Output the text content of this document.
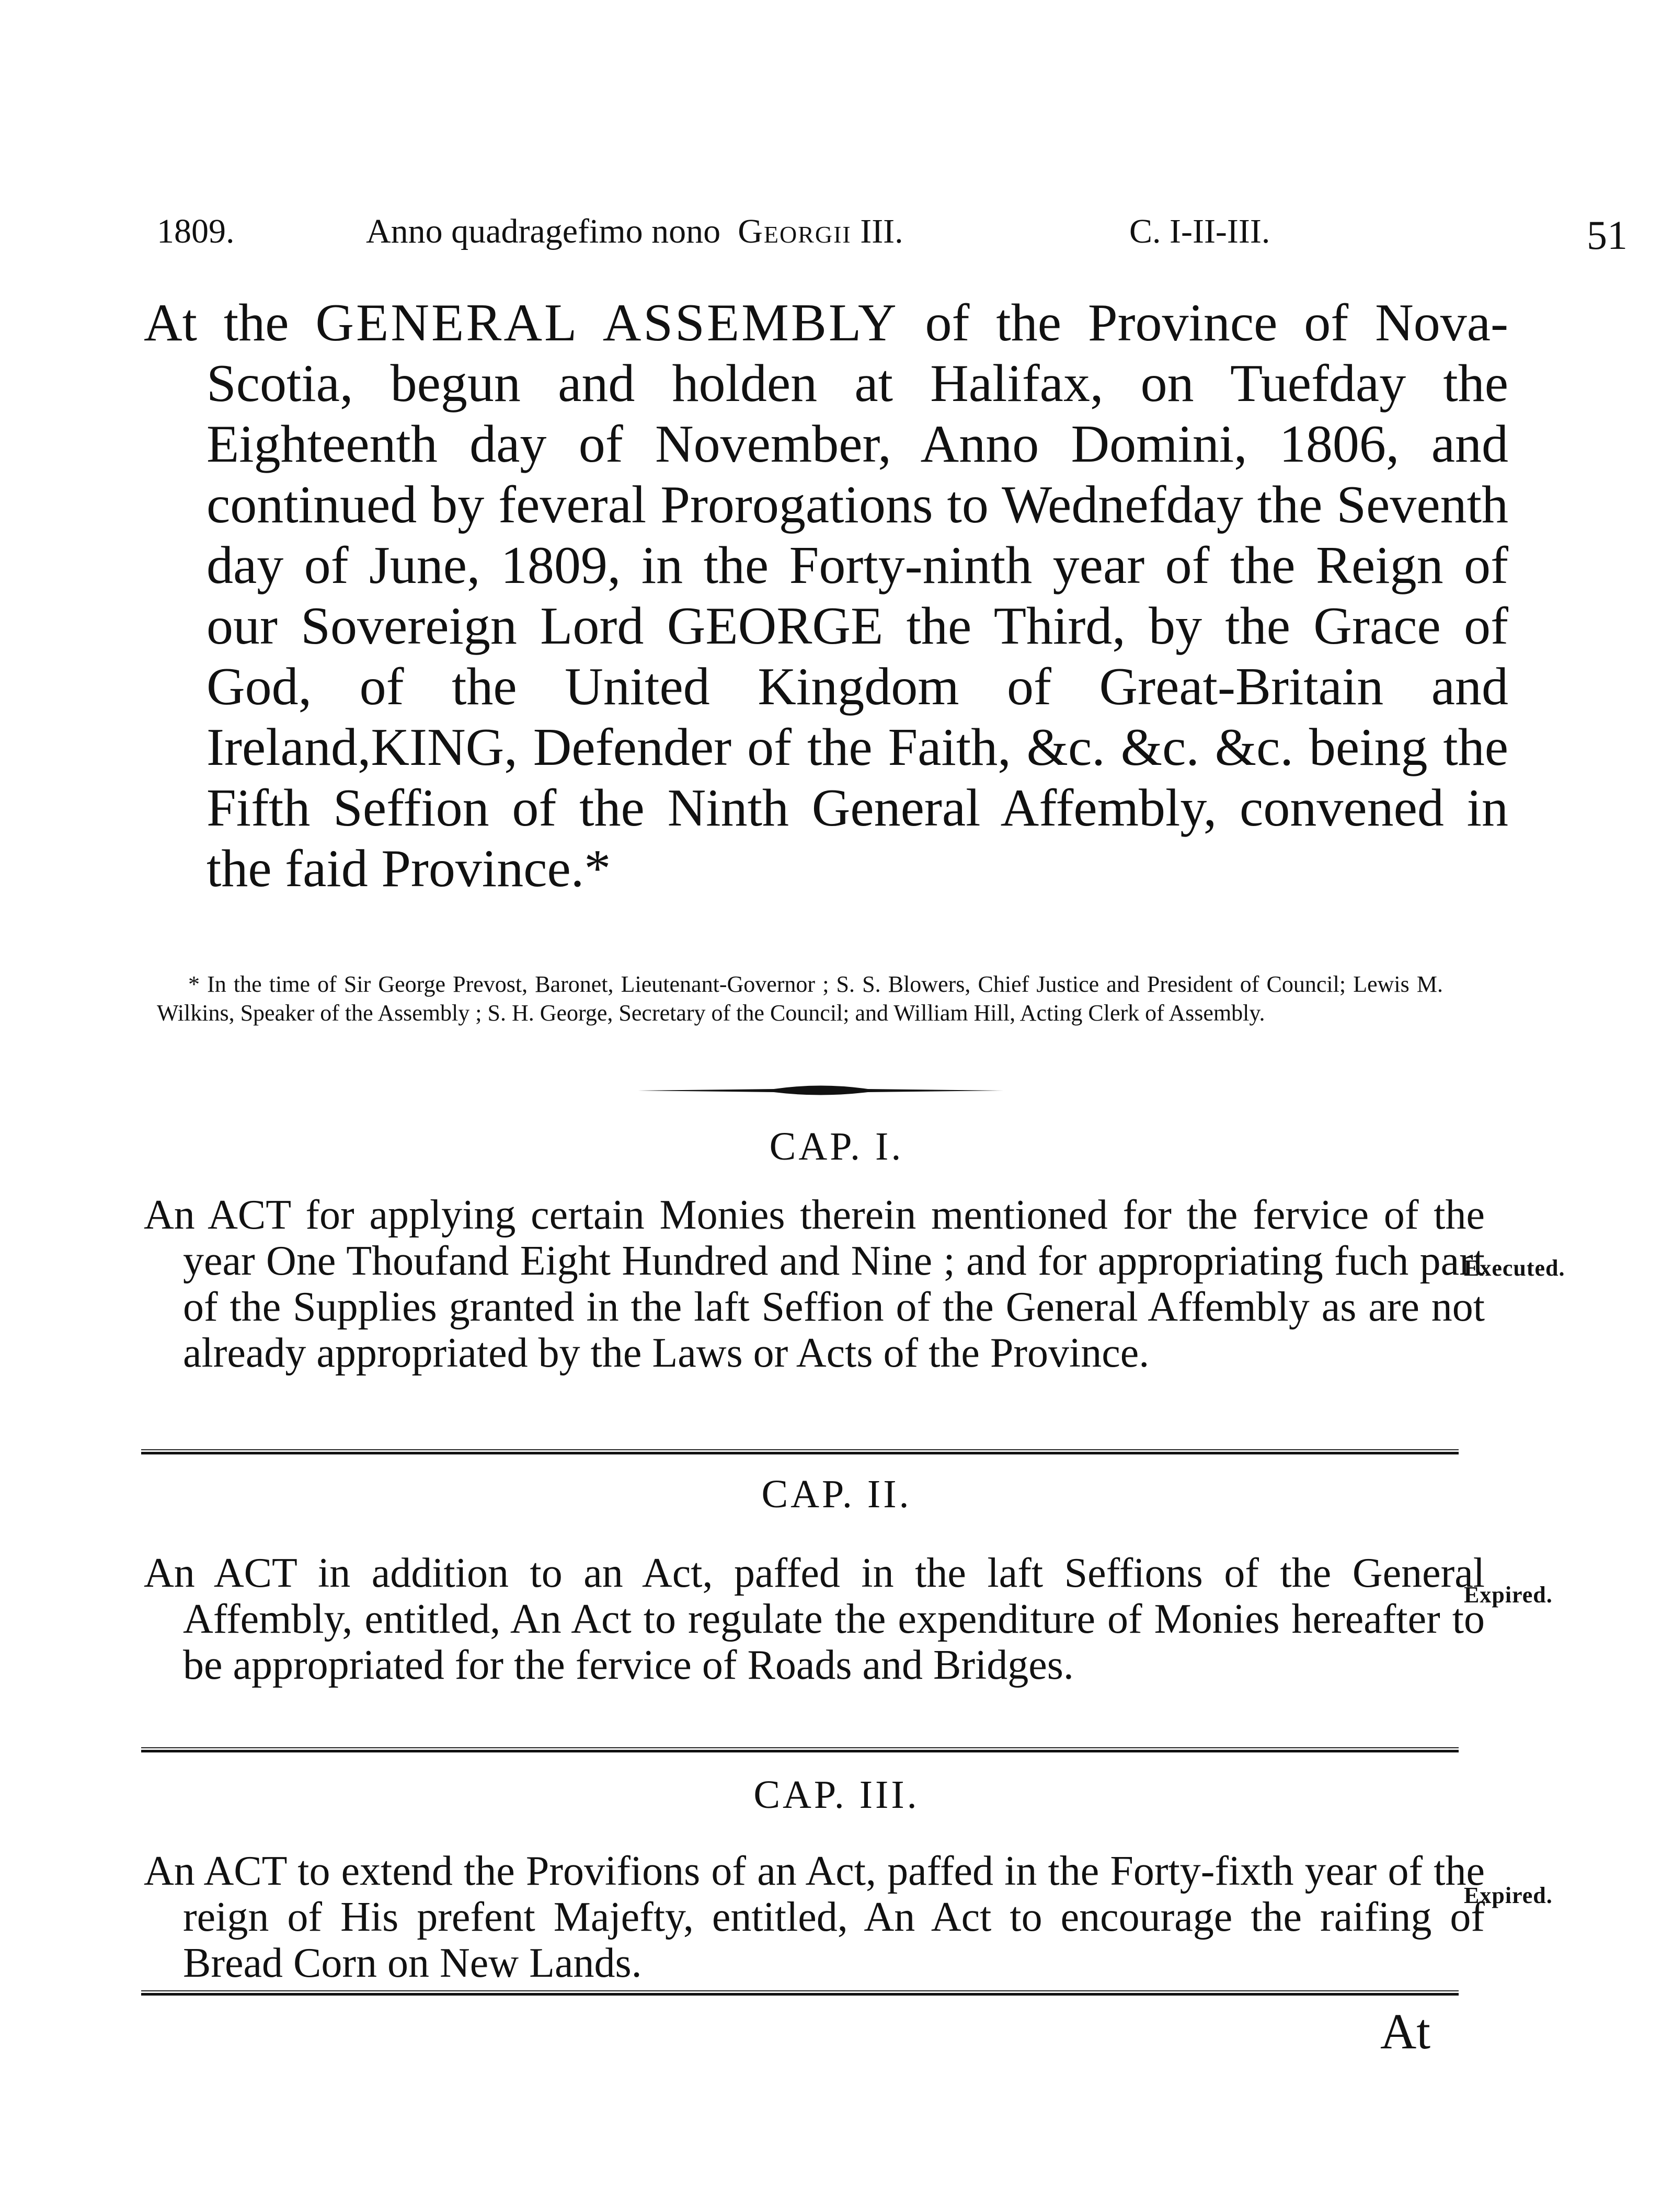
1809.	Anno quadragefimo nono Georgii III.	C. I-II-III.	51

At the GENERAL ASSEMBLY of the Province of Nova-Scotia, begun and holden at Halifax, on Tuefday the Eighteenth day of November, Anno Domini, 1806, and continued by feveral Prorogations to Wednefday the Seventh day of June, 1809, in the Forty-ninth year of the Reign of our Sovereign Lord GEORGE the Third, by the Grace of God, of the United Kingdom of Great-Britain and Ireland,KING, Defender of the Faith, &c. &c. &c. being the Fifth Seffion of the Ninth General Affembly, convened in the faid Province.*

* In the time of Sir George Prevost, Baronet, Lieutenant-Governor ; S. S. Blowers, Chief Justice and President of Council; Lewis M. Wilkins, Speaker of the Assembly ; S. H. George, Secretary of the Council; and William Hill, Acting Clerk of Assembly.

CAP. I.

An ACT for applying certain Monies therein mentioned for the fervice of the year One Thoufand Eight Hundred and Nine ; and for appropriating fuch part of the Supplies granted in the laft Seffion of the General Affembly as are not already appropriated by the Laws or Acts of the Province.

Executed.

CAP. II.

An ACT in addition to an Act, paffed in the laft Seffions of the General Affembly, entitled, An Act to regulate the expenditure of Monies hereafter to be appropriated for the fervice of Roads and Bridges.

Expired.

CAP. III.

An ACT to extend the Provifions of an Act, paffed in the Forty-fixth year of the reign of His prefent Majefty, entitled, An Act to encourage the raifing of Bread Corn on New Lands.

Expired.
At
